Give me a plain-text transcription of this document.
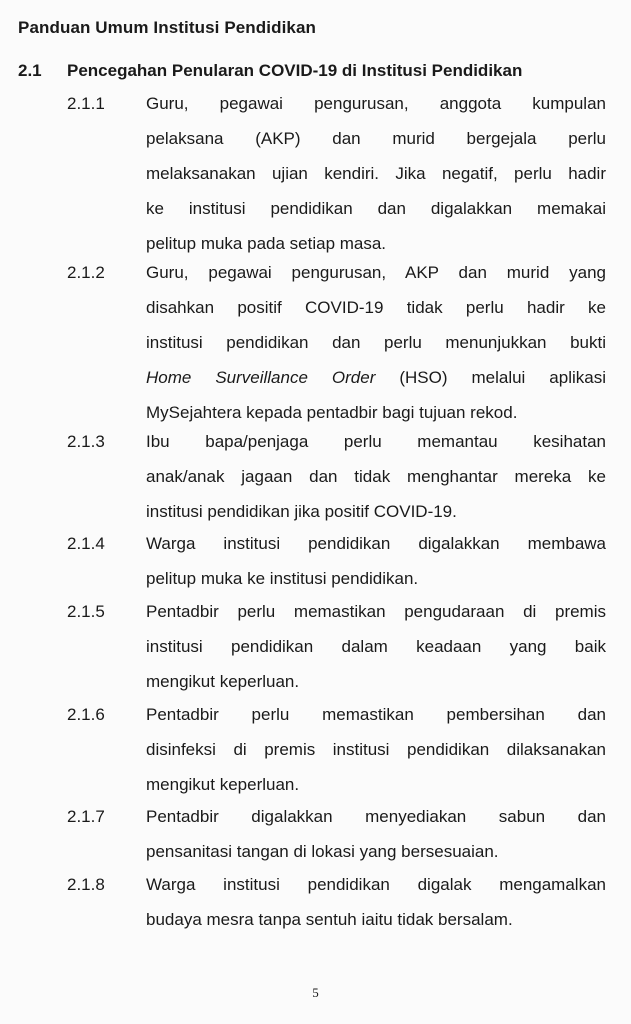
Panduan Umum Institusi Pendidikan
2.1 Pencegahan Penularan COVID-19 di Institusi Pendidikan
2.1.1 Guru, pegawai pengurusan, anggota kumpulan
pelaksana (AKP) dan murid bergejala perlu
melaksanakan ujian kendiri. Jika negatif, perlu hadir
ke institusi pendidikan dan digalakkan memakai
pelitup muka pada setiap masa.
2.1.2 Guru, pegawai pengurusan, AKP dan murid yang
disahkan positif COVID-19 tidak perlu hadir ke
institusi pendidikan dan perlu menunjukkan bukti
Home Surveillance Order (HSO) melalui aplikasi
MySejahtera kepada pentadbir bagi tujuan rekod.
2.1.3 Ibu bapa/penjaga perlu memantau kesihatan
anak/anak jagaan dan tidak menghantar mereka ke
institusi pendidikan jika positif COVID-19.
2.1.4 Warga institusi pendidikan digalakkan membawa
pelitup muka ke institusi pendidikan.
2.1.5 Pentadbir perlu memastikan pengudaraan di premis
institusi pendidikan dalam keadaan yang baik
mengikut keperluan.
2.1.6 Pentadbir perlu memastikan pembersihan dan
disinfeksi di premis institusi pendidikan dilaksanakan
mengikut keperluan.
2.1.7 Pentadbir digalakkan menyediakan sabun dan
pensanitasi tangan di lokasi yang bersesuaian.
2.1.8 Warga institusi pendidikan digalak mengamalkan
budaya mesra tanpa sentuh iaitu tidak bersalam.
5
